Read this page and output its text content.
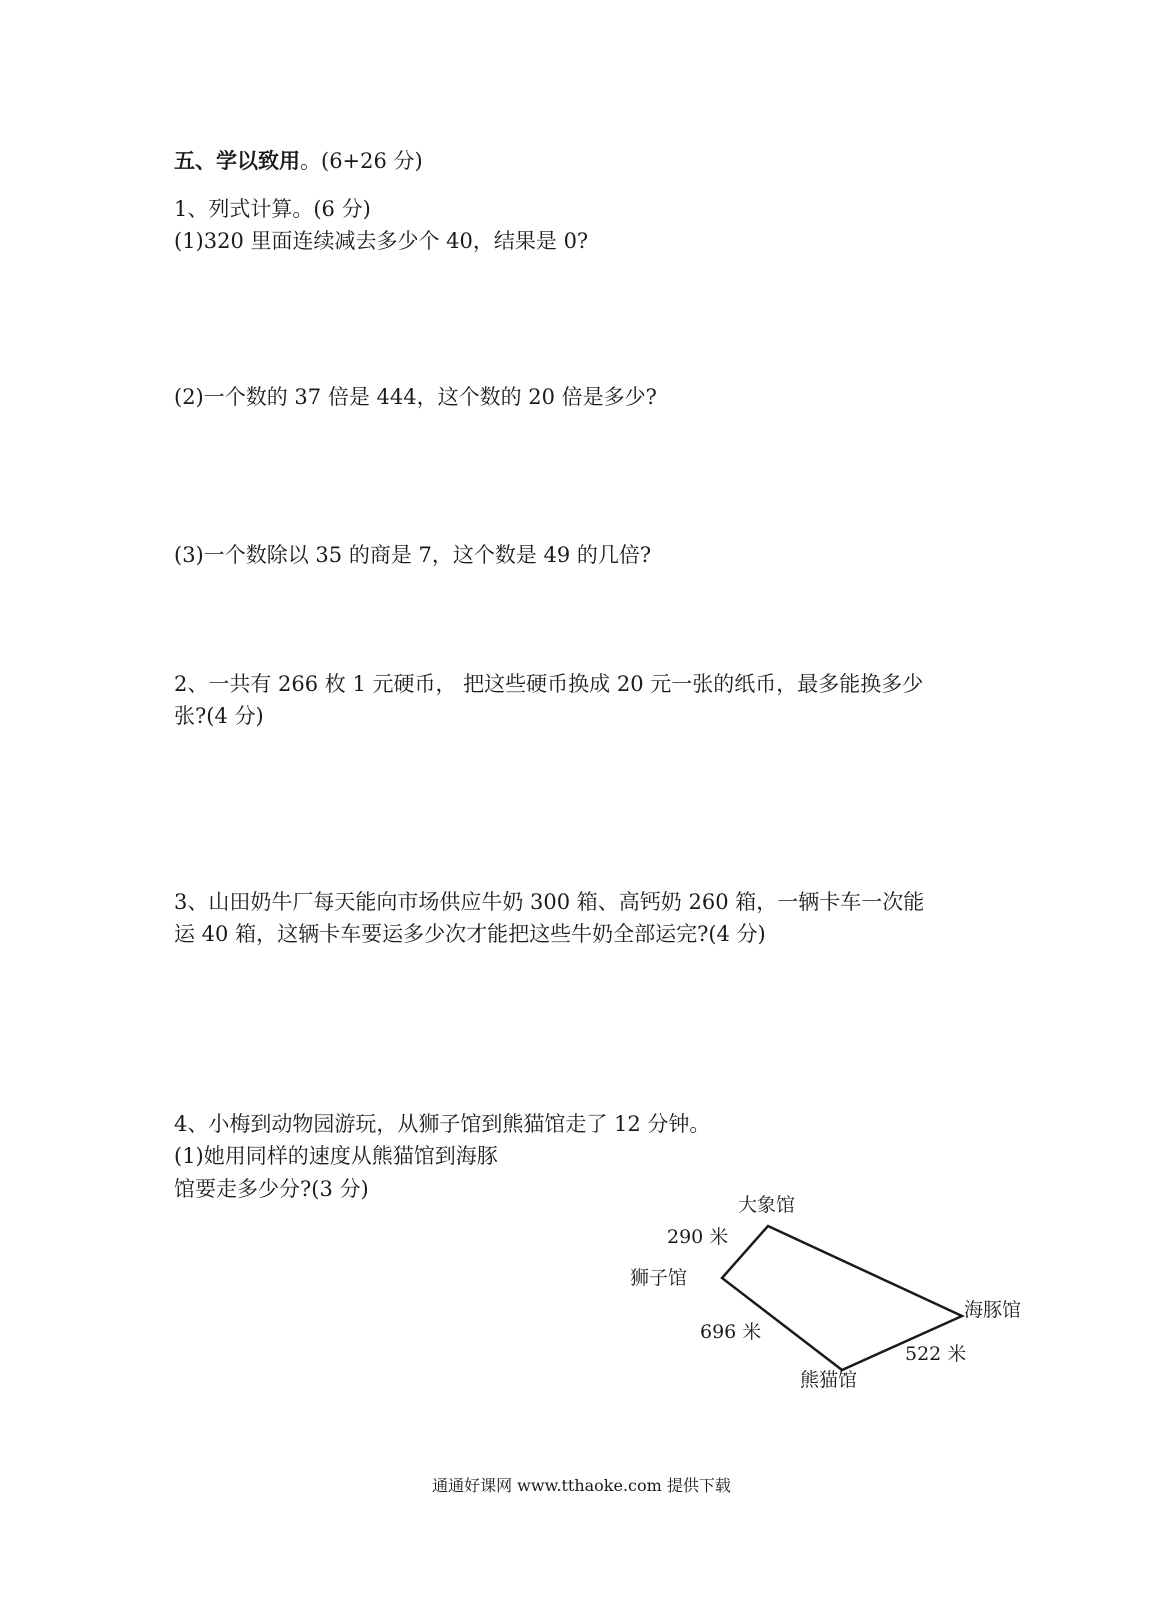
五、学以致用。(6+26 分)
1、列式计算。(6 分)
(1)320 里面连续减去多少个 40，结果是 0?
(2)一个数的 37 倍是 444，这个数的 20 倍是多少?
(3)一个数除以 35 的商是 7，这个数是 49 的几倍?
2、一共有 266 枚 1 元硬币， 把这些硬币换成 20 元一张的纸币，最多能换多少
张?(4 分)
3、山田奶牛厂每天能向市场供应牛奶 300 箱、高钙奶 260 箱，一辆卡车一次能
运 40 箱，这辆卡车要运多少次才能把这些牛奶全部运完?(4 分)
4、小梅到动物园游玩，从狮子馆到熊猫馆走了 12 分钟。
(1)她用同样的速度从熊猫馆到海豚
馆要走多少分?(3 分)
大象馆
290 米
狮子馆
海豚馆
696 米
522 米
熊猫馆
通通好课网 www.tthaoke.com 提供下载
